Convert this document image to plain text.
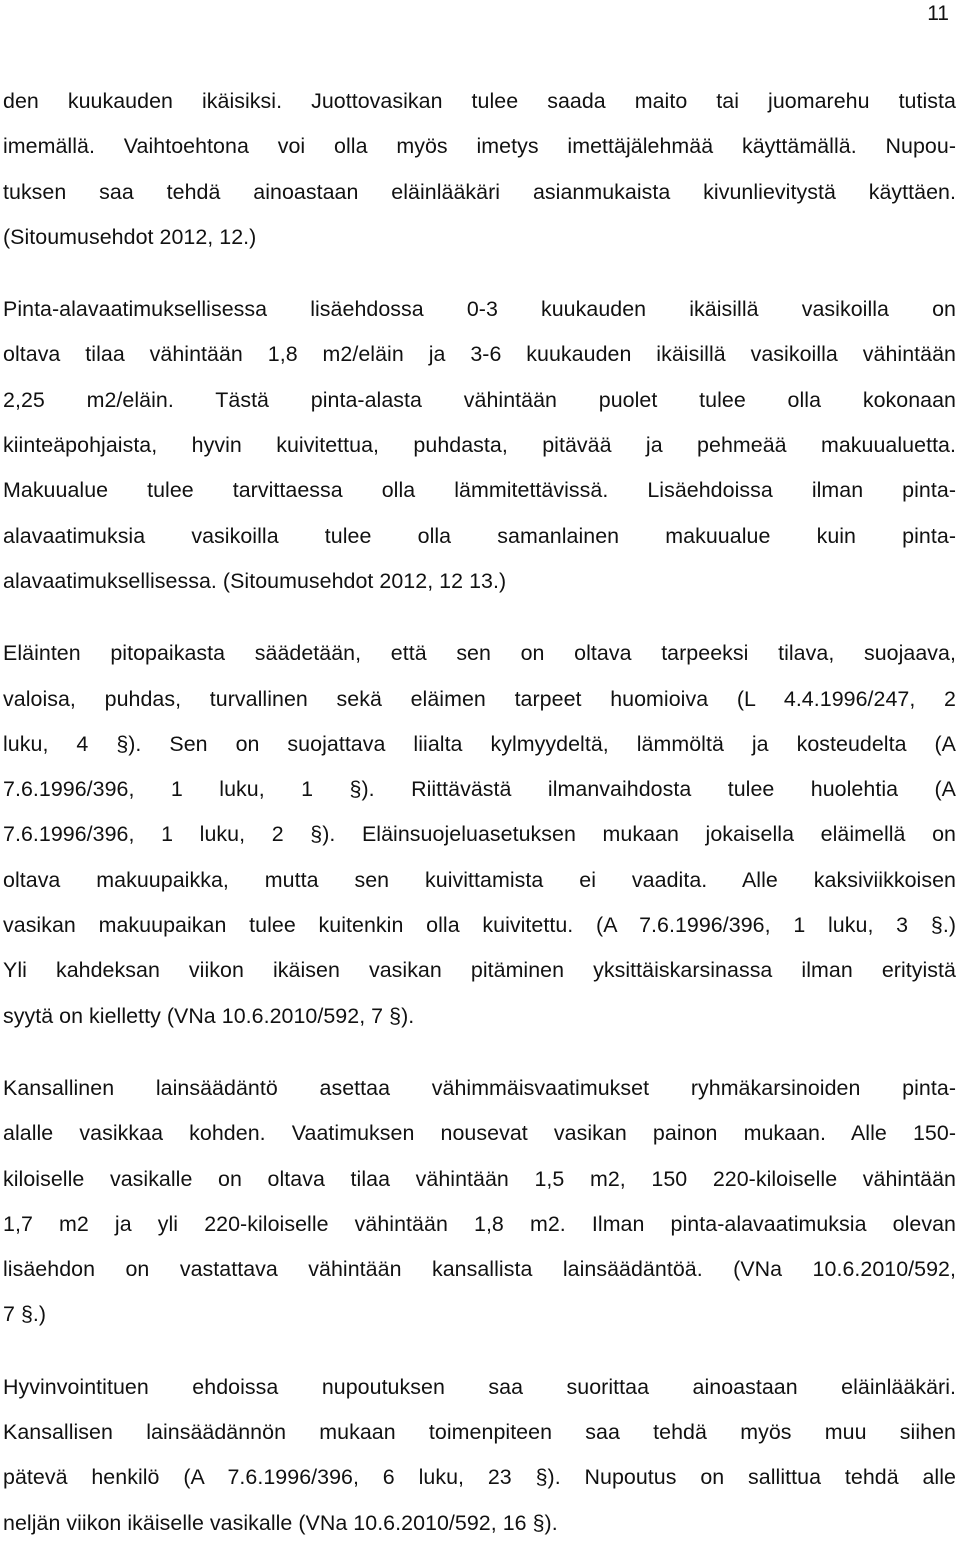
11

den kuukauden ikäisiksi. Juottovasikan tulee saada maito tai juomarehu tutista
imemällä. Vaihtoehtona voi olla myös imetys imettäjälehmää käyttämällä. Nupou-
tuksen saa tehdä ainoastaan eläinlääkäri asianmukaista kivunlievitystä käyttäen.
(Sitoumusehdot 2012, 12.)

Pinta-alavaatimuksellisessa lisäehdossa 0-3 kuukauden ikäisillä vasikoilla on
oltava tilaa vähintään 1,8 m2/eläin ja 3-6 kuukauden ikäisillä vasikoilla vähintään
2,25 m2/eläin. Tästä pinta-alasta vähintään puolet tulee olla kokonaan
kiinteäpohjaista, hyvin kuivitettua, puhdasta, pitävää ja pehmeää makuualuetta.
Makuualue tulee tarvittaessa olla lämmitettävissä. Lisäehdoissa ilman pinta-
alavaatimuksia vasikoilla tulee olla samanlainen makuualue kuin pinta-
alavaatimuksellisessa. (Sitoumusehdot 2012, 12 13.)

Eläinten pitopaikasta säädetään, että sen on oltava tarpeeksi tilava, suojaava,
valoisa, puhdas, turvallinen sekä eläimen tarpeet huomioiva (L 4.4.1996/247, 2
luku, 4 §). Sen on suojattava liialta kylmyydeltä, lämmöltä ja kosteudelta (A
7.6.1996/396, 1 luku, 1 §). Riittävästä ilmanvaihdosta tulee huolehtia (A
7.6.1996/396, 1 luku, 2 §). Eläinsuojeluasetuksen mukaan jokaisella eläimellä on
oltava makuupaikka, mutta sen kuivittamista ei vaadita. Alle kaksiviikkoisen
vasikan makuupaikan tulee kuitenkin olla kuivitettu. (A 7.6.1996/396, 1 luku, 3 §.)
Yli kahdeksan viikon ikäisen vasikan pitäminen yksittäiskarsinassa ilman erityistä
syytä on kielletty (VNa 10.6.2010/592, 7 §).

Kansallinen lainsäädäntö asettaa vähimmäisvaatimukset ryhmäkarsinoiden pinta-
alalle vasikkaa kohden. Vaatimuksen nousevat vasikan painon mukaan. Alle 150-
kiloiselle vasikalle on oltava tilaa vähintään 1,5 m2, 150 220-kiloiselle vähintään
1,7 m2 ja yli 220-kiloiselle vähintään 1,8 m2. Ilman pinta-alavaatimuksia olevan
lisäehdon on vastattava vähintään kansallista lainsäädäntöä. (VNa 10.6.2010/592,
7 §.)

Hyvinvointituen ehdoissa nupoutuksen saa suorittaa ainoastaan eläinlääkäri.
Kansallisen lainsäädännön mukaan toimenpiteen saa tehdä myös muu siihen
pätevä henkilö (A 7.6.1996/396, 6 luku, 23 §). Nupoutus on sallittua tehdä alle
neljän viikon ikäiselle vasikalle (VNa 10.6.2010/592, 16 §).
